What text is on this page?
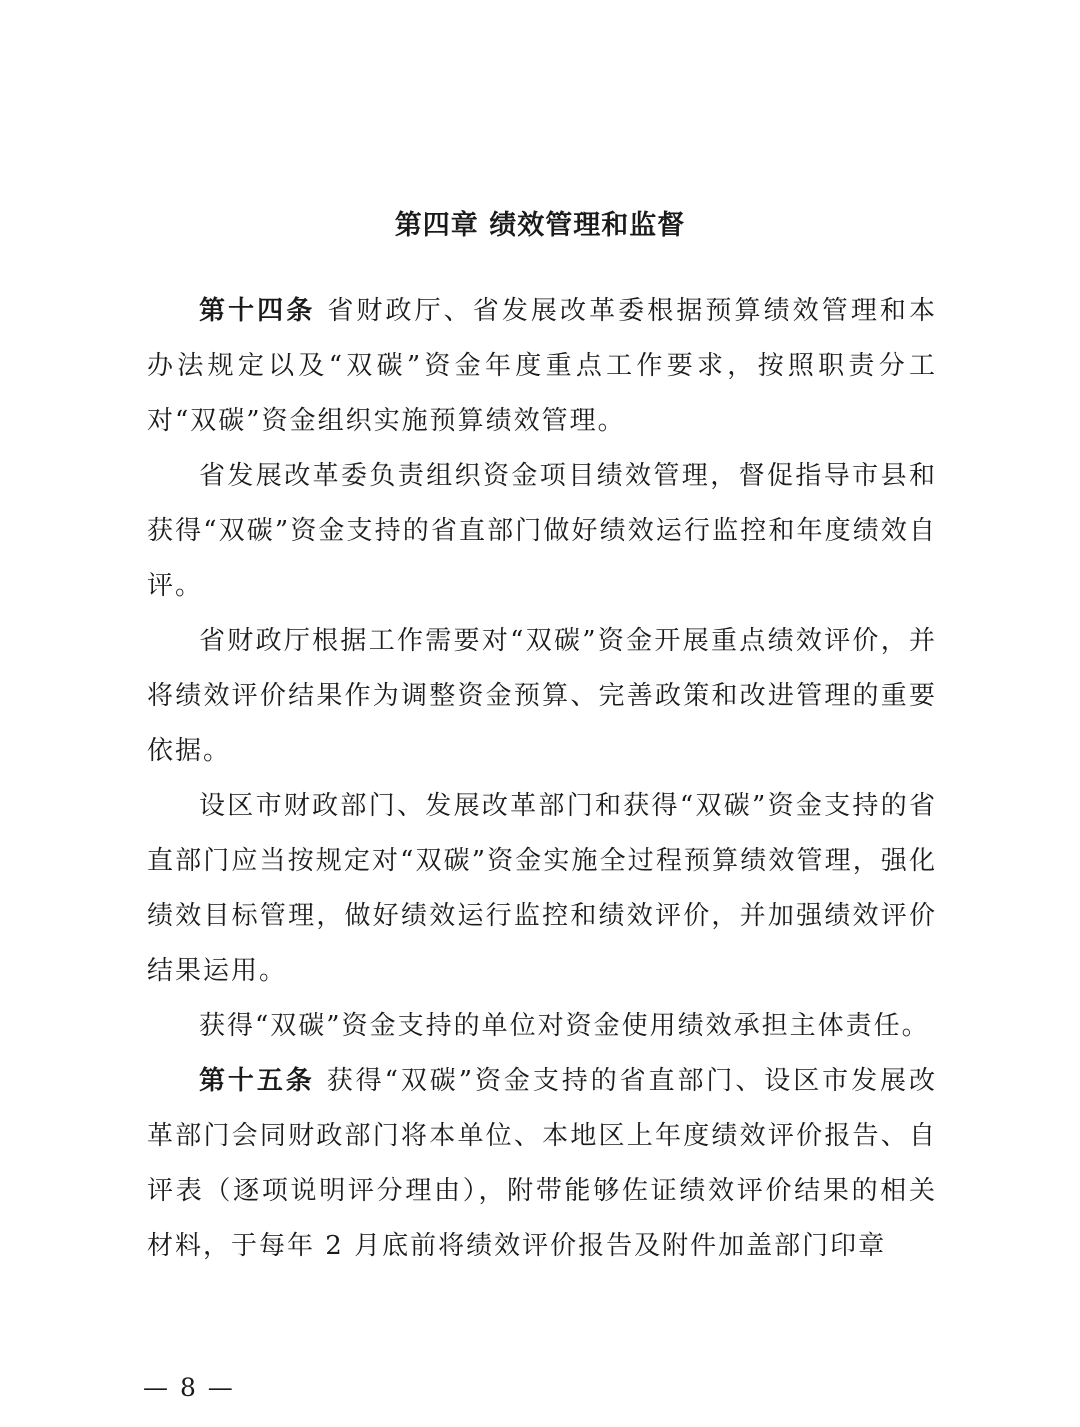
第四章 绩效管理和监督

第十四条 省财政厅、省发展改革委根据预算绩效管理和本办法规定以及“双碳”资金年度重点工作要求，按照职责分工对“双碳”资金组织实施预算绩效管理。

省发展改革委负责组织资金项目绩效管理，督促指导市县和获得“双碳”资金支持的省直部门做好绩效运行监控和年度绩效自评。

省财政厅根据工作需要对“双碳”资金开展重点绩效评价，并将绩效评价结果作为调整资金预算、完善政策和改进管理的重要依据。

设区市财政部门、发展改革部门和获得“双碳”资金支持的省直部门应当按规定对“双碳”资金实施全过程预算绩效管理，强化绩效目标管理，做好绩效运行监控和绩效评价，并加强绩效评价结果运用。

获得“双碳”资金支持的单位对资金使用绩效承担主体责任。

第十五条 获得“双碳”资金支持的省直部门、设区市发展改革部门会同财政部门将本单位、本地区上年度绩效评价报告、自评表（逐项说明评分理由），附带能够佐证绩效评价结果的相关材料，于每年 2 月底前将绩效评价报告及附件加盖部门印章

— 8 —
